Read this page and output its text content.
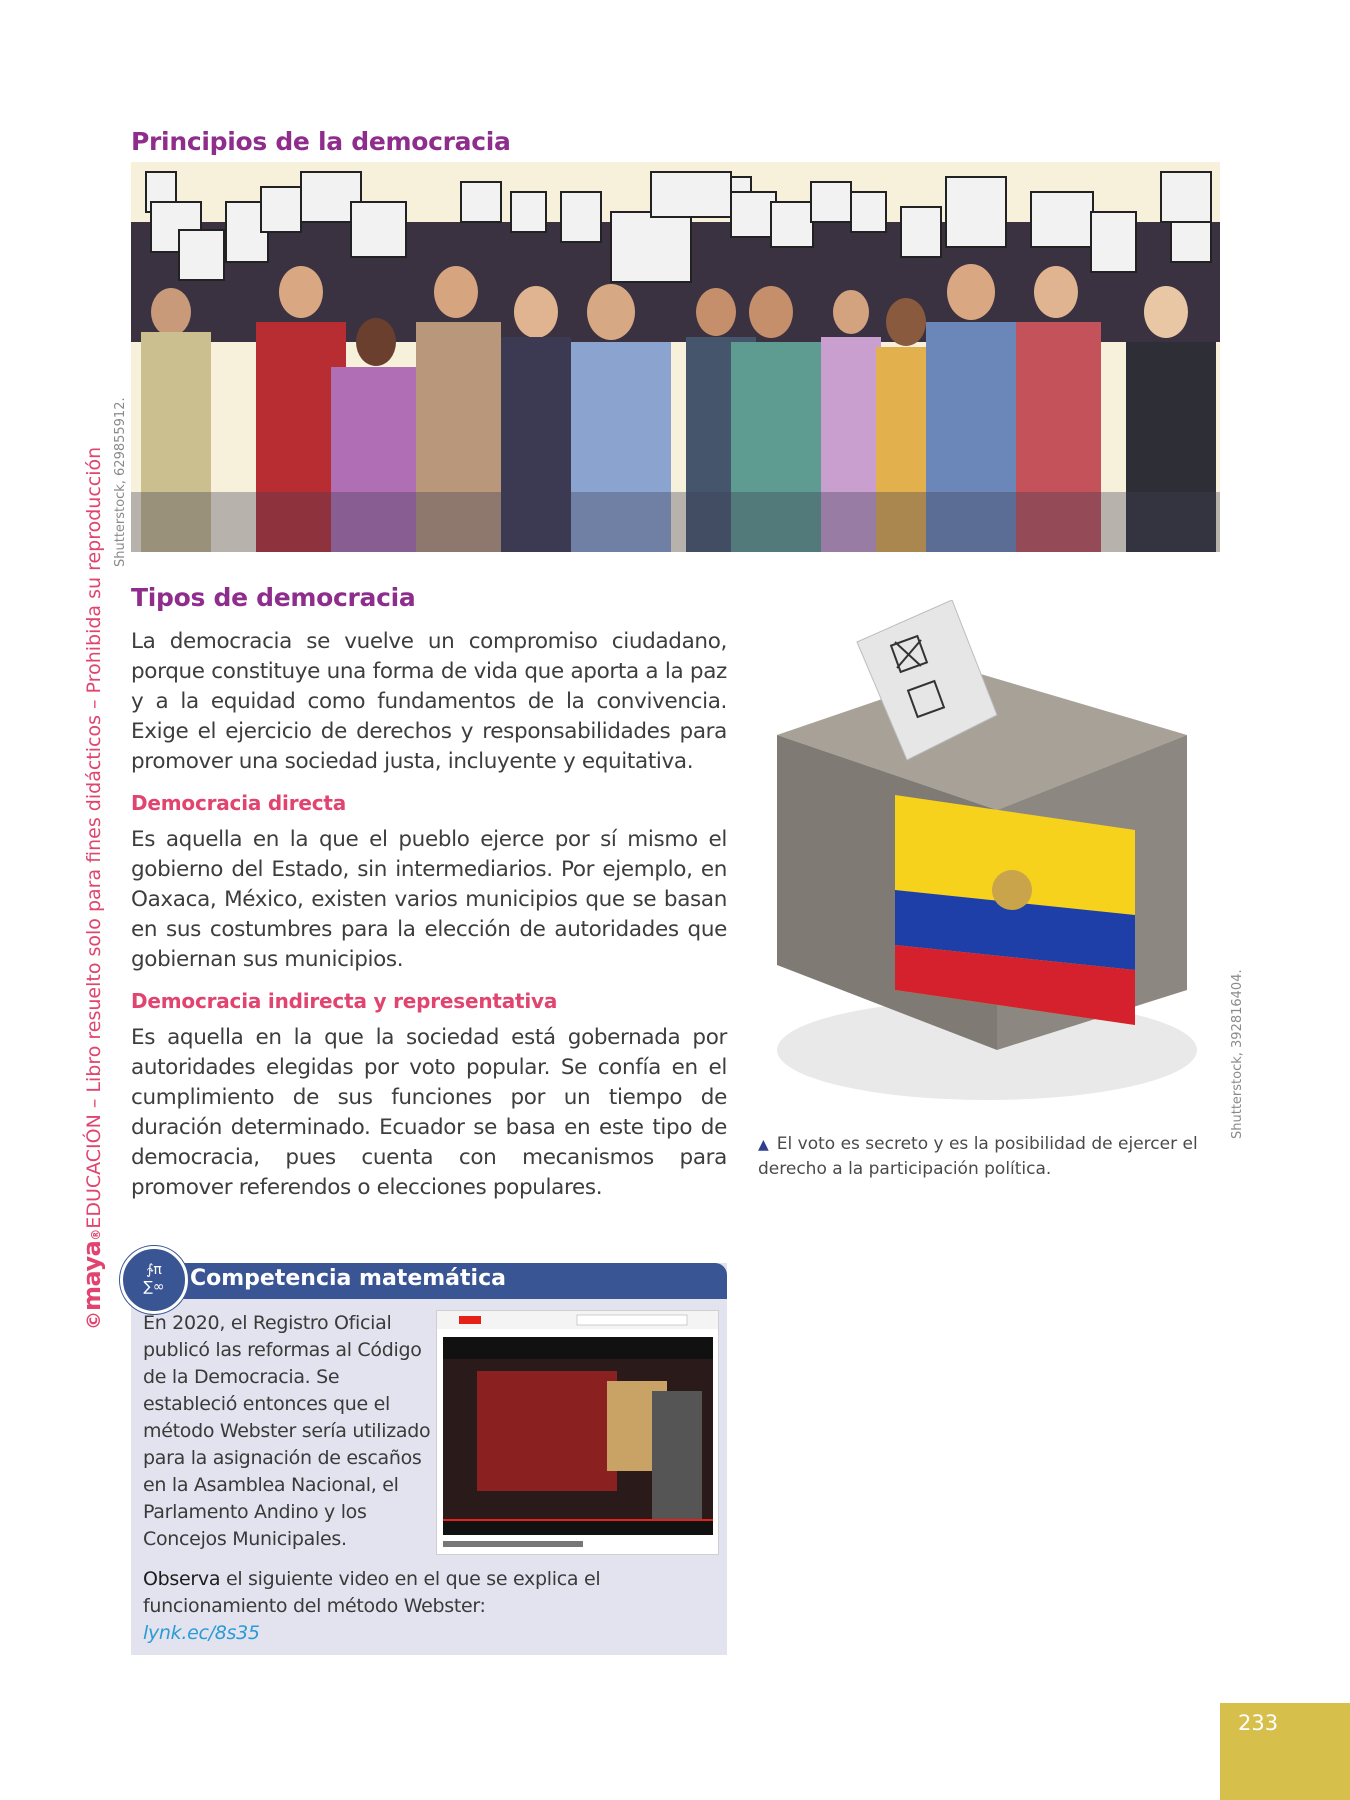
©maya®EDUCACIÓN – Libro resuelto solo para fines didácticos – Prohibida su reproducción Shutterstock, 629855912.
Principios de la democracia
Tipos de democracia

La democracia se vuelve un compromiso ciudadano, porque constituye una forma de vida que aporta a la paz y a la equidad como fundamentos de la convivencia. Exige el ejercicio de derechos y responsabilidades para promover una sociedad justa, incluyente y equitativa.

Democracia directa

Es aquella en la que el pueblo ejerce por sí mismo el gobierno del Estado, sin intermediarios. Por ejemplo, en Oaxaca, México, existen varios municipios que se basan en sus costumbres para la elección de autoridades que gobiernan sus municipios.

Democracia indirecta y representativa

Es aquella en la que la sociedad está gobernada por autoridades elegidas por voto popular. Se confía en el cumplimiento de sus funciones por un tiempo de duración determinado. Ecuador se basa en este tipo de democracia, pues cuenta con mecanismos para promover referendos o elecciones populares.

Shutterstock, 392816404.
▲ El voto es secreto y es la posibilidad de ejercer el derecho a la participación política.
∱π
∑∞	Competencia matemática
En 2020, el Registro Oficial publicó las reformas al Código de la Democracia. Se estableció entonces que el método Webster sería utilizado para la asignación de escaños en la Asamblea Nacional, el Parlamento Andino y los Concejos Municipales.
Observa el siguiente video en el que se explica el funcionamiento del método Webster:
lynk.ec/8s35
233
